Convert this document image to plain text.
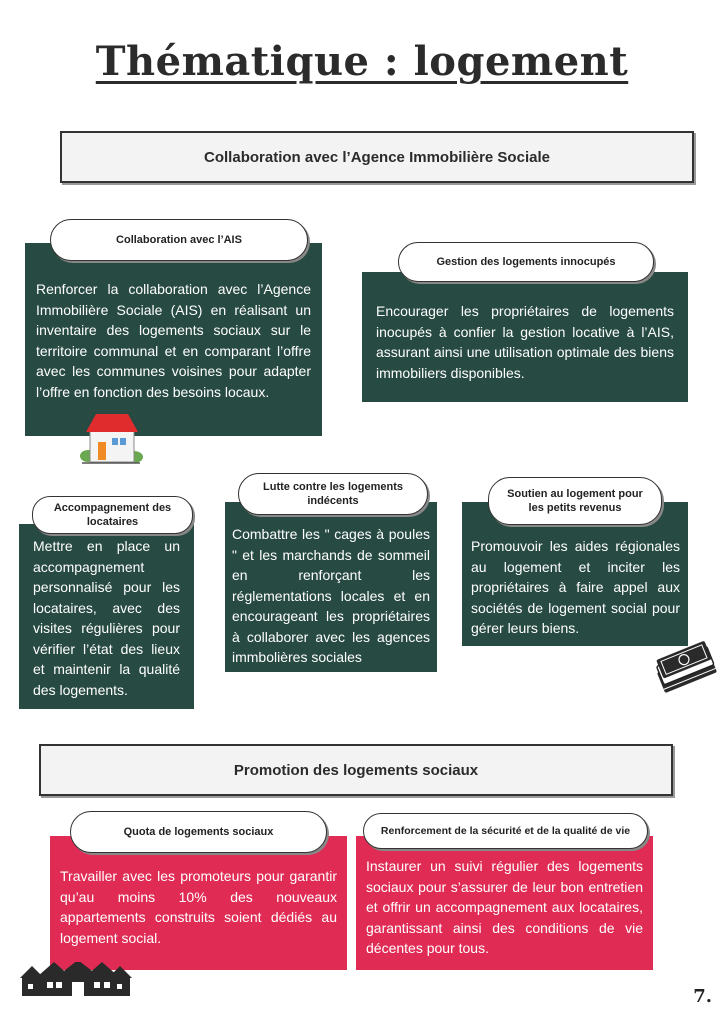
Thématique : logement
Collaboration avec l’Agence Immobilière Sociale
Renforcer la collaboration avec l’Agence Immobilière Sociale (AIS) en réalisant un inventaire des logements sociaux sur le territoire communal et en comparant l’offre avec les communes voisines pour adapter l’offre en fonction des besoins locaux.
Collaboration avec l’AIS
Encourager les propriétaires de logements inocupés à confier la gestion locative à l’AIS, assurant ainsi une utilisation optimale des biens immobiliers disponibles.
Gestion des logements innocupés
Mettre en place un accompagnement personnalisé pour les locataires, avec des visites régulières pour vérifier l’état des lieux et maintenir la qualité des logements.
Accompagnement des locataires
Combattre les " cages à poules " et les marchands de sommeil en renforçant les réglementations locales et en encourageant les propriétaires à collaborer avec les agences immbolières sociales
Lutte contre les logements indécents
Promouvoir les aides régionales au logement et inciter les propriétaires à faire appel aux sociétés de logement social pour gérer leurs biens.
Soutien au logement pour les petits revenus
Promotion des logements sociaux
Travailler avec les promoteurs pour garantir qu’au moins 10% des nouveaux appartements construits soient dédiés au logement social.
Quota de logements sociaux
Instaurer un suivi régulier des logements sociaux pour s’assurer de leur bon entretien et offrir un accompagnement aux locataires, garantissant ainsi des conditions de vie décentes pour tous.
Renforcement de la sécurité et de la qualité de vie
7.
